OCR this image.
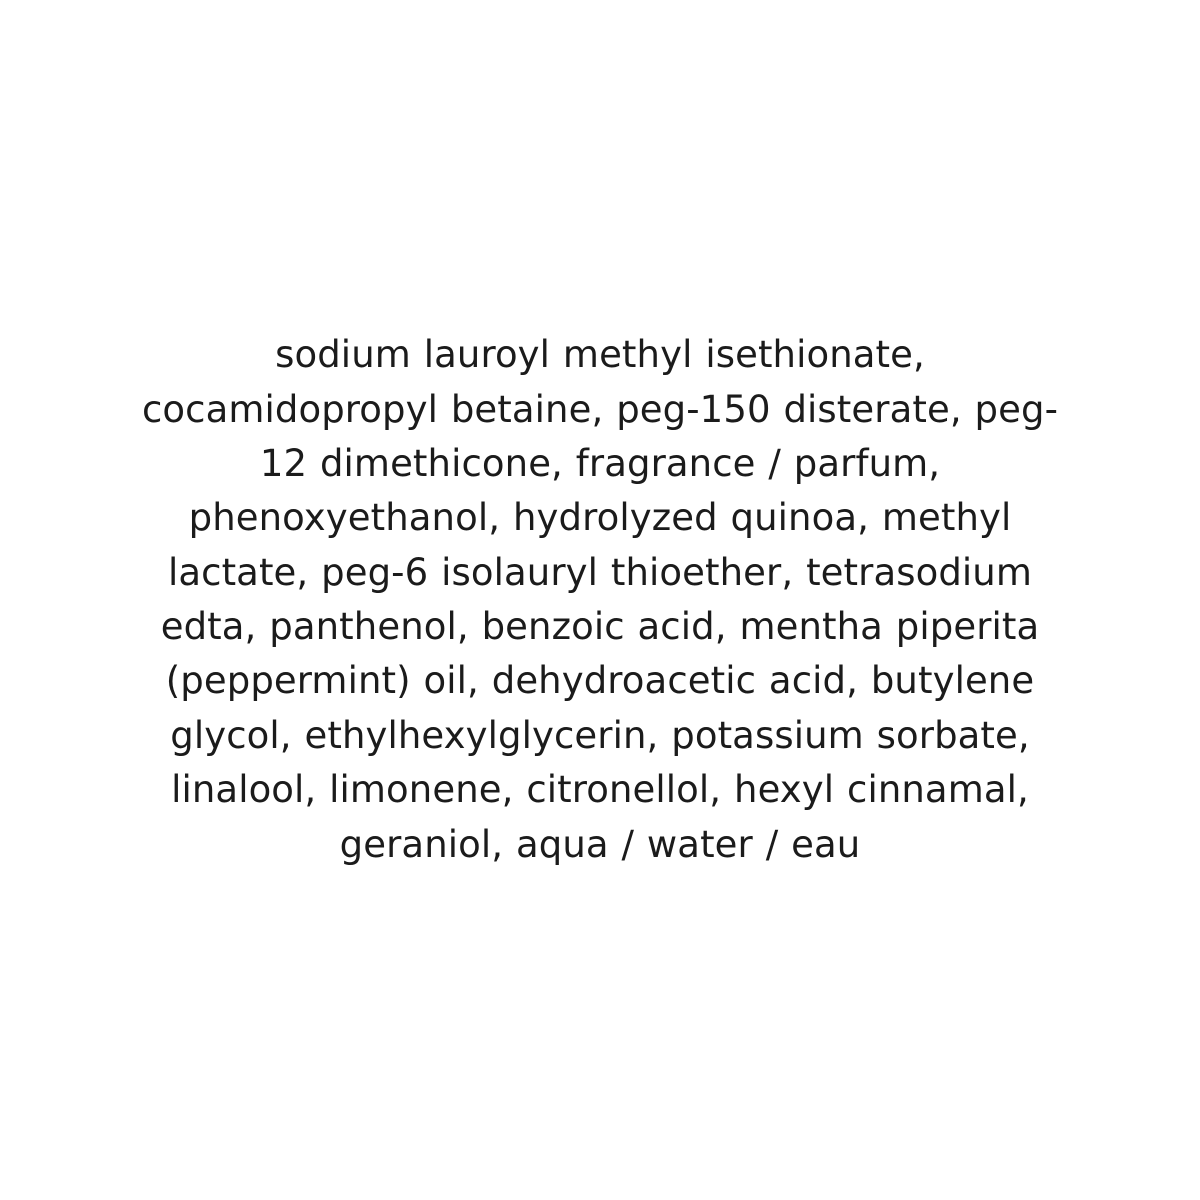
sodium lauroyl methyl isethionate, cocamidopropyl betaine, peg-150 disterate, peg-12 dimethicone, fragrance / parfum, phenoxyethanol, hydrolyzed quinoa, methyl lactate, peg-6 isolauryl thioether, tetrasodium edta, panthenol, benzoic acid, mentha piperita (peppermint) oil, dehydroacetic acid, butylene glycol, ethylhexylglycerin, potassium sorbate, linalool, limonene, citronellol, hexyl cinnamal, geraniol, aqua / water / eau
